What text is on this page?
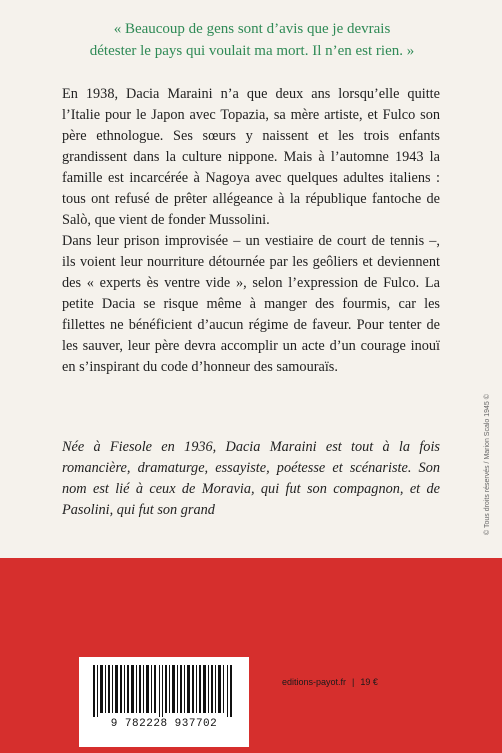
« Beaucoup de gens sont d’avis que je devrais
détester le pays qui voulait ma mort. Il n’en est rien. »

En 1938, Dacia Maraini n’a que deux ans lorsqu’elle quitte l’Italie pour le Japon avec Topazia, sa mère artiste, et Fulco son père ethnologue. Ses sœurs y naissent et les trois enfants grandissent dans la culture nippone. Mais à l’automne 1943 la famille est incarcérée à Nagoya avec quelques adultes italiens : tous ont refusé de prêter allégeance à la république fantoche de Salò, que vient de fonder Mussolini.

Dans leur prison improvisée – un vestiaire de court de tennis –, ils voient leur nourriture détournée par les geôliers et deviennent des « experts ès ventre vide », selon l’expression de Fulco. La petite Dacia se risque même à manger des fourmis, car les fillettes ne bénéficient d’aucun régime de faveur. Pour tenter de les sauver, leur père devra accomplir un acte d’un courage inouï en s’inspirant du code d’honneur des samouraïs.

Née à Fiesole en 1936, Dacia Maraini est tout à la fois romancière, dramaturge, essayiste, poétesse et scénariste. Son nom est lié à ceux de Moravia, qui fut son compagnon, et de Pasolini, qui fut son grand	© Tous droits réservés / Marion Scalo 1945 ©
9 782228 937702
editions-payot.fr | 19 €
